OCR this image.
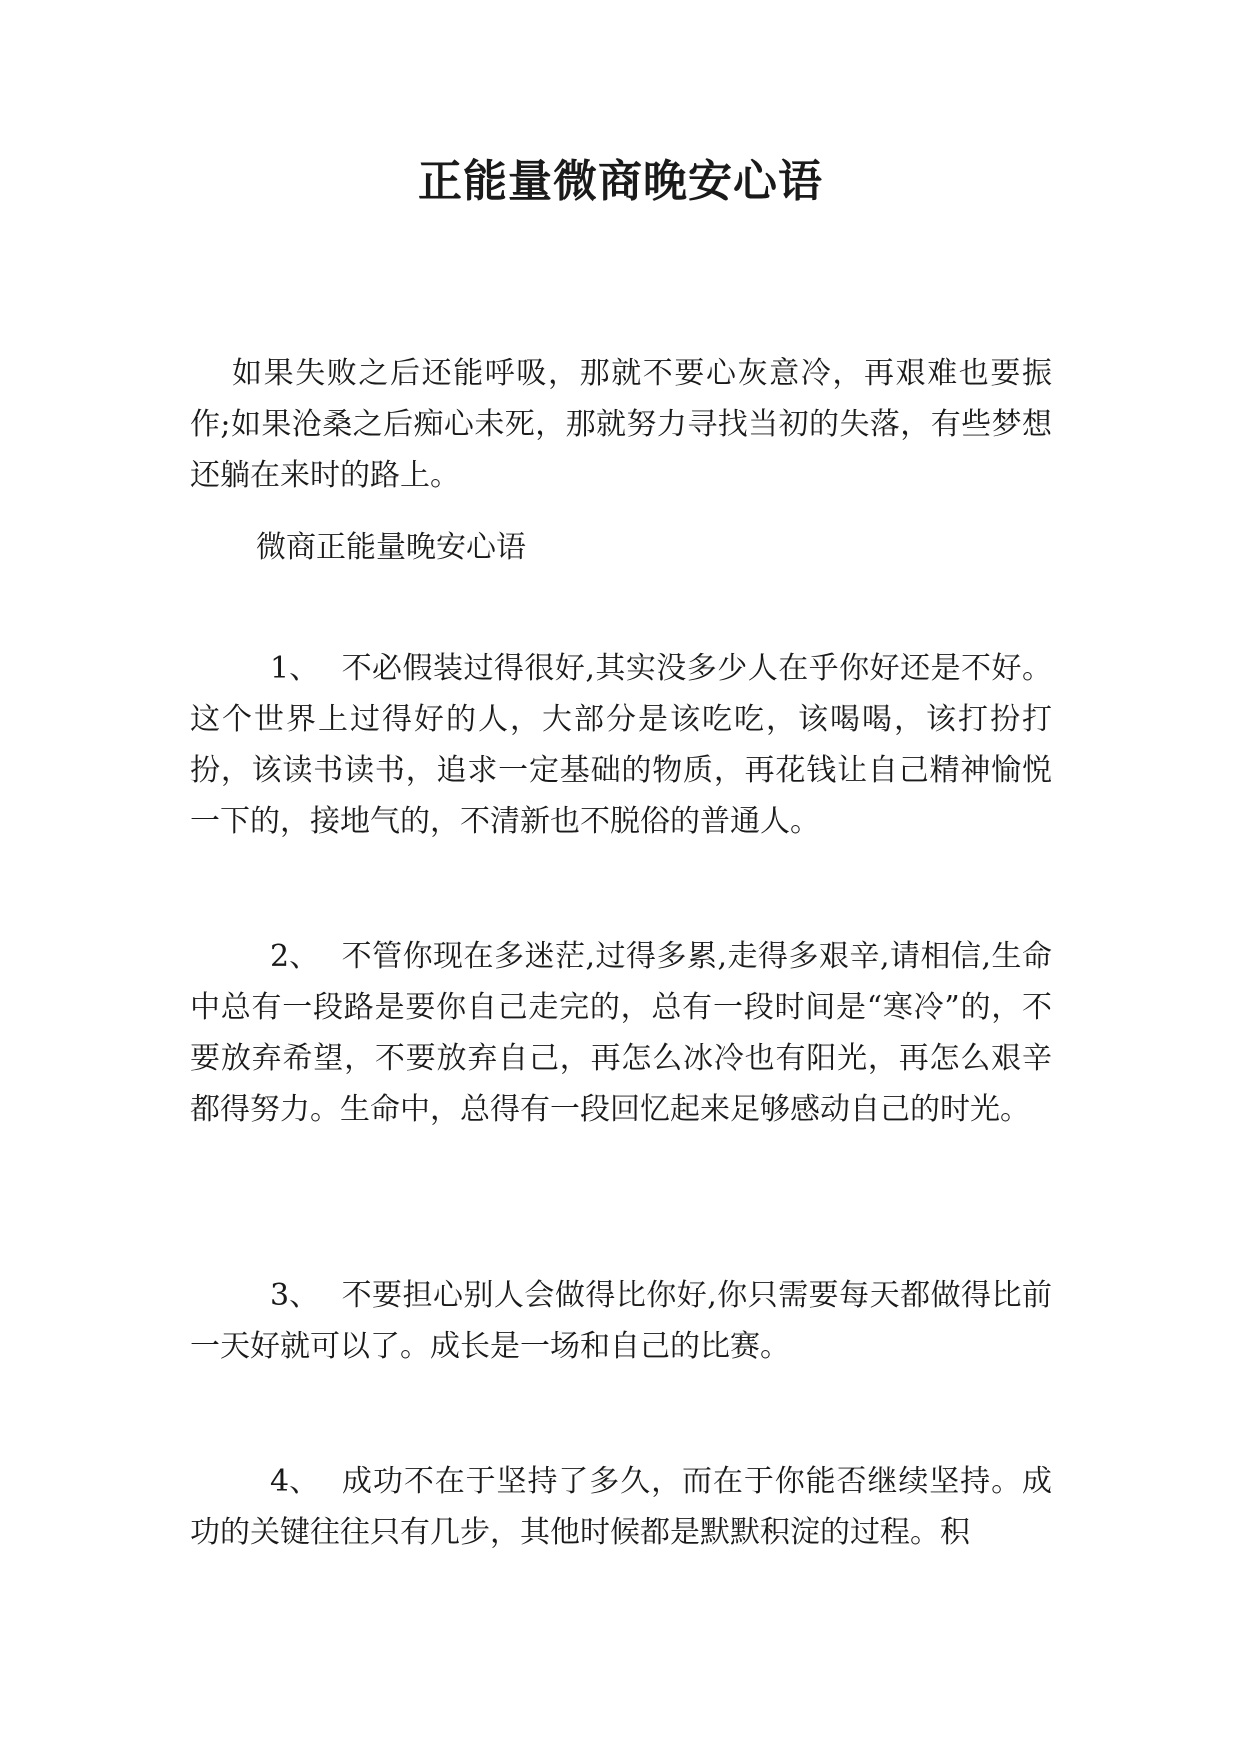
正能量微商晚安心语

如果失败之后还能呼吸，那就不要心灰意冷，再艰难也要振作;如果沧桑之后痴心未死，那就努力寻找当初的失落，有些梦想还躺在来时的路上。

微商正能量晚安心语

1、 不必假装过得很好,其实没多少人在乎你好还是不好。这个世界上过得好的人，大部分是该吃吃，该喝喝，该打扮打扮，该读书读书，追求一定基础的物质，再花钱让自己精神愉悦一下的，接地气的，不清新也不脱俗的普通人。

2、 不管你现在多迷茫,过得多累,走得多艰辛,请相信,生命中总有一段路是要你自己走完的，总有一段时间是“寒冷”的，不要放弃希望，不要放弃自己，再怎么冰冷也有阳光，再怎么艰辛都得努力。生命中，总得有一段回忆起来足够感动自己的时光。

3、 不要担心别人会做得比你好,你只需要每天都做得比前一天好就可以了。成长是一场和自己的比赛。

4、 成功不在于坚持了多久，而在于你能否继续坚持。成功的关键往往只有几步，其他时候都是默默积淀的过程。积
